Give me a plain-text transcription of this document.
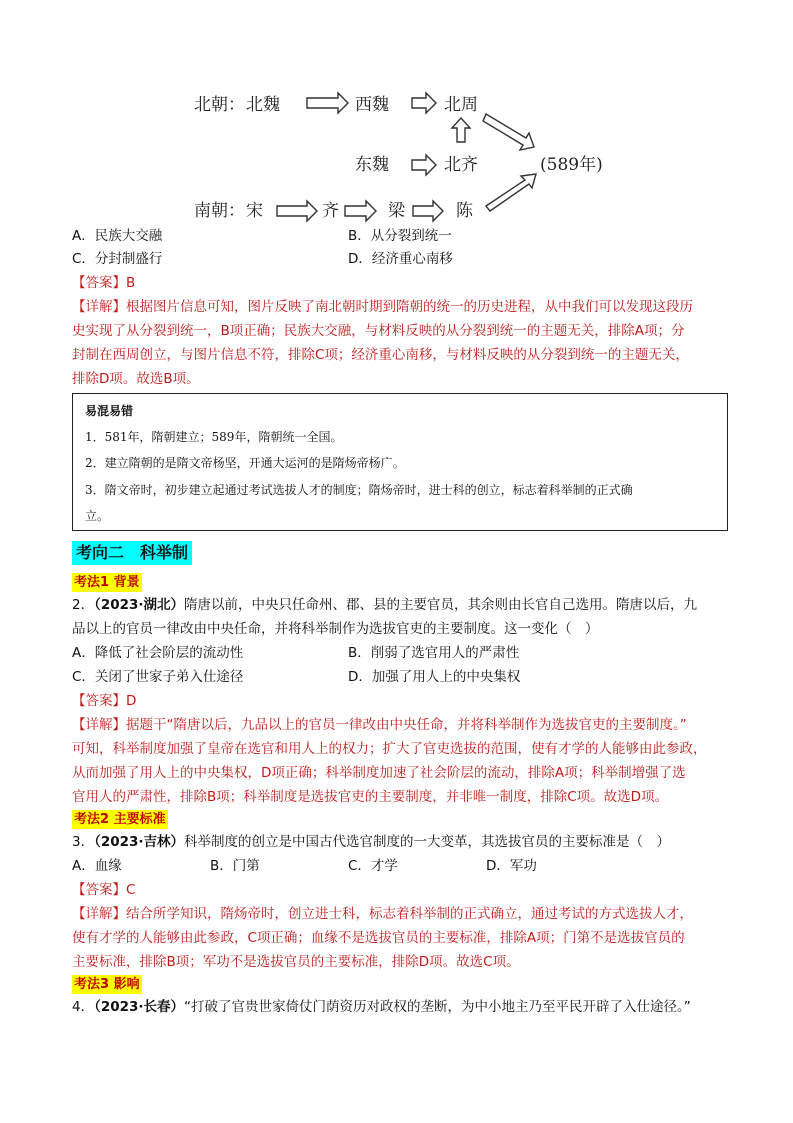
北朝： 北魏	西魏	北周
东魏	北齐	(589年)
南朝： 宋	齐	梁	陈
A．民族大交融	B．从分裂到统一
C．分封制盛行	D．经济重心南移
【答案】B
【详解】根据图片信息可知，图片反映了南北朝时期到隋朝的统一的历史进程，从中我们可以发现这段历
史实现了从分裂到统一，B项正确；民族大交融，与材料反映的从分裂到统一的主题无关，排除A项；分
封制在西周创立，与图片信息不符，排除C项；经济重心南移，与材料反映的从分裂到统一的主题无关，
排除D项。故选B项。
易混易错
1．581年，隋朝建立；589年，隋朝统一全国。
2．建立隋朝的是隋文帝杨坚，开通大运河的是隋炀帝杨广。
3．隋文帝时，初步建立起通过考试选拔人才的制度；隋炀帝时，进士科的创立，标志着科举制的正式确
立。
考向二　科举制
考法1 背景
2．（2023·湖北）隋唐以前，中央只任命州、郡、县的主要官员，其余则由长官自己选用。隋唐以后，九
品以上的官员一律改由中央任命，并将科举制作为选拔官吏的主要制度。这一变化（　）
A．降低了社会阶层的流动性	B．削弱了选官用人的严肃性
C．关闭了世家子弟入仕途径	D．加强了用人上的中央集权
【答案】D
【详解】据题干“隋唐以后，九品以上的官员一律改由中央任命，并将科举制作为选拔官吏的主要制度。”
可知，科举制度加强了皇帝在选官和用人上的权力；扩大了官吏选拔的范围，使有才学的人能够由此参政，
从而加强了用人上的中央集权，D项正确；科举制度加速了社会阶层的流动，排除A项；科举制增强了选
官用人的严肃性，排除B项；科举制度是选拔官吏的主要制度，并非唯一制度，排除C项。故选D项。
考法2 主要标准
3．（2023·吉林）科举制度的创立是中国古代选官制度的一大变革，其选拔官员的主要标准是（　）
A．血缘	B．门第	C．才学	D．军功
【答案】C
【详解】结合所学知识，隋炀帝时，创立进士科，标志着科举制的正式确立，通过考试的方式选拔人才，
使有才学的人能够由此参政，C项正确；血缘不是选拔官员的主要标准，排除A项；门第不是选拔官员的
主要标准，排除B项；军功不是选拔官员的主要标准，排除D项。故选C项。
考法3 影响
4．（2023·长春）“打破了官贵世家倚仗门荫资历对政权的垄断，为中小地主乃至平民开辟了入仕途径。”
